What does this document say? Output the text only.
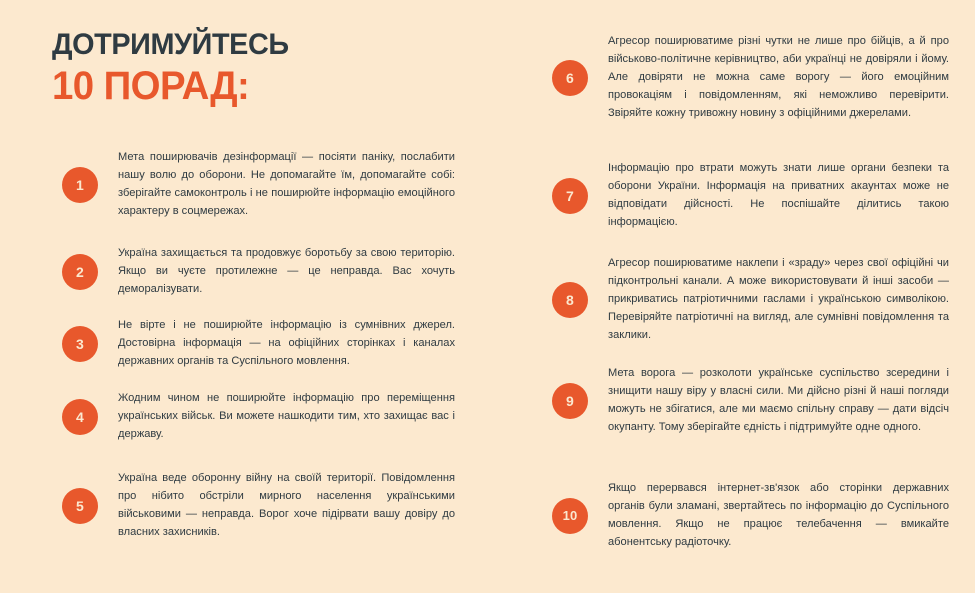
ДОТРИМУЙТЕСЬ
10 ПОРАД:
1
Мета поширювачів дезінформації — посіяти паніку, послабити нашу волю до оборони. Не допомагайте їм, допомагайте собі: зберігайте самоконтроль і не поширюйте інформацію емоційного характеру в соцмережах.
2
Україна захищається та продовжує боротьбу за свою територію. Якщо ви чуєте протилежне — це неправда. Вас хочуть деморалізувати.
3
Не вірте і не поширюйте інформацію із сумнівних джерел. Достовірна інформація — на офіційних сторінках і каналах державних органів та Суспільного мовлення.
4
Жодним чином не поширюйте інформацію про переміщення українських військ. Ви можете нашкодити тим, хто захищає вас і державу.
5
Україна веде оборонну війну на своїй території. Повідомлення про нібито обстріли мирного населення українськими військовими — неправда. Ворог хоче підірвати вашу довіру до власних захисників.
6
Агресор поширюватиме різні чутки не лише про бійців, а й про військово-політичне керівництво, аби українці не довіряли і йому. Але довіряти не можна саме ворогу — його емоційним провокаціям і повідомленням, які неможливо перевірити. Звіряйте кожну тривожну новину з офіційними джерелами.
7
Інформацію про втрати можуть знати лише органи безпеки та оборони України. Інформація на приватних акаунтах може не відповідати дійсності. Не поспішайте ділитись такою інформацією.
8
Агресор поширюватиме наклепи і «зраду» через свої офіційні чи підконтрольні канали. А може використовувати й інші засоби — прикриватись патріотичними гаслами і українською символікою. Перевіряйте патріотичні на вигляд, але сумнівні повідомлення та заклики.
9
Мета ворога — розколоти українське суспільство зсередини і знищити нашу віру у власні сили. Ми дійсно різні й наші погляди можуть не збігатися, але ми маємо спільну справу — дати відсіч окупанту. Тому зберігайте єдність і підтримуйте одне одного.
10
Якщо перервався інтернет-зв'язок або сторінки державних органів були зламані, звертайтесь по інформацію до Суспільного мовлення. Якщо не працює телебачення — вмикайте абонентську радіоточку.
